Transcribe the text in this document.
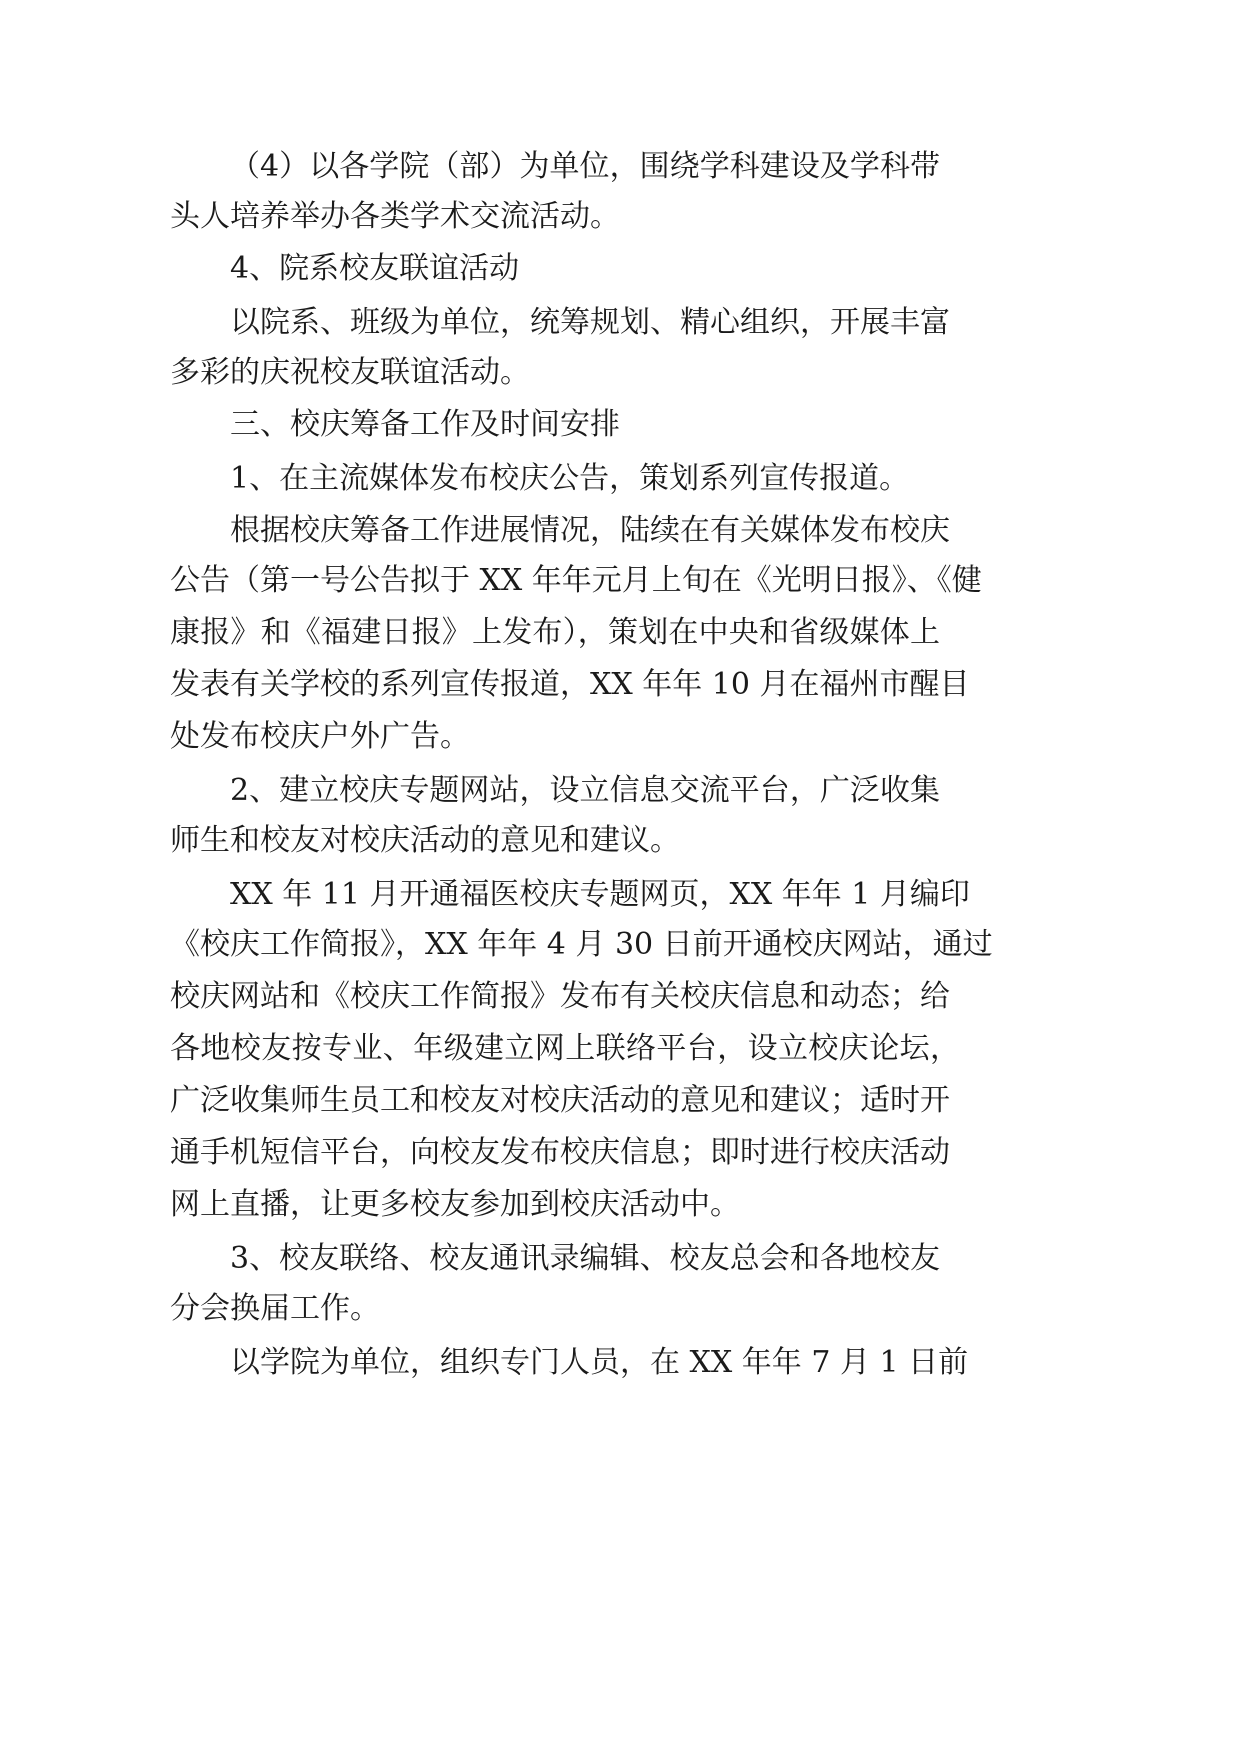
（4）以各学院（部）为单位，围绕学科建设及学科带
头人培养举办各类学术交流活动。
4、院系校友联谊活动
以院系、班级为单位，统筹规划、精心组织，开展丰富
多彩的庆祝校友联谊活动。
三、校庆筹备工作及时间安排
1、在主流媒体发布校庆公告，策划系列宣传报道。
根据校庆筹备工作进展情况，陆续在有关媒体发布校庆
公告（第一号公告拟于 XX 年年元月上旬在《光明日报》、《健
康报》和《福建日报》上发布），策划在中央和省级媒体上
发表有关学校的系列宣传报道，XX 年年 10 月在福州市醒目
处发布校庆户外广告。
2、建立校庆专题网站，设立信息交流平台，广泛收集
师生和校友对校庆活动的意见和建议。
XX 年 11 月开通福医校庆专题网页，XX 年年 1 月编印
《校庆工作简报》，XX 年年 4 月 30 日前开通校庆网站，通过
校庆网站和《校庆工作简报》发布有关校庆信息和动态；给
各地校友按专业、年级建立网上联络平台，设立校庆论坛，
广泛收集师生员工和校友对校庆活动的意见和建议；适时开
通手机短信平台，向校友发布校庆信息；即时进行校庆活动
网上直播，让更多校友参加到校庆活动中。
3、校友联络、校友通讯录编辑、校友总会和各地校友
分会换届工作。
以学院为单位，组织专门人员，在 XX 年年 7 月 1 日前
